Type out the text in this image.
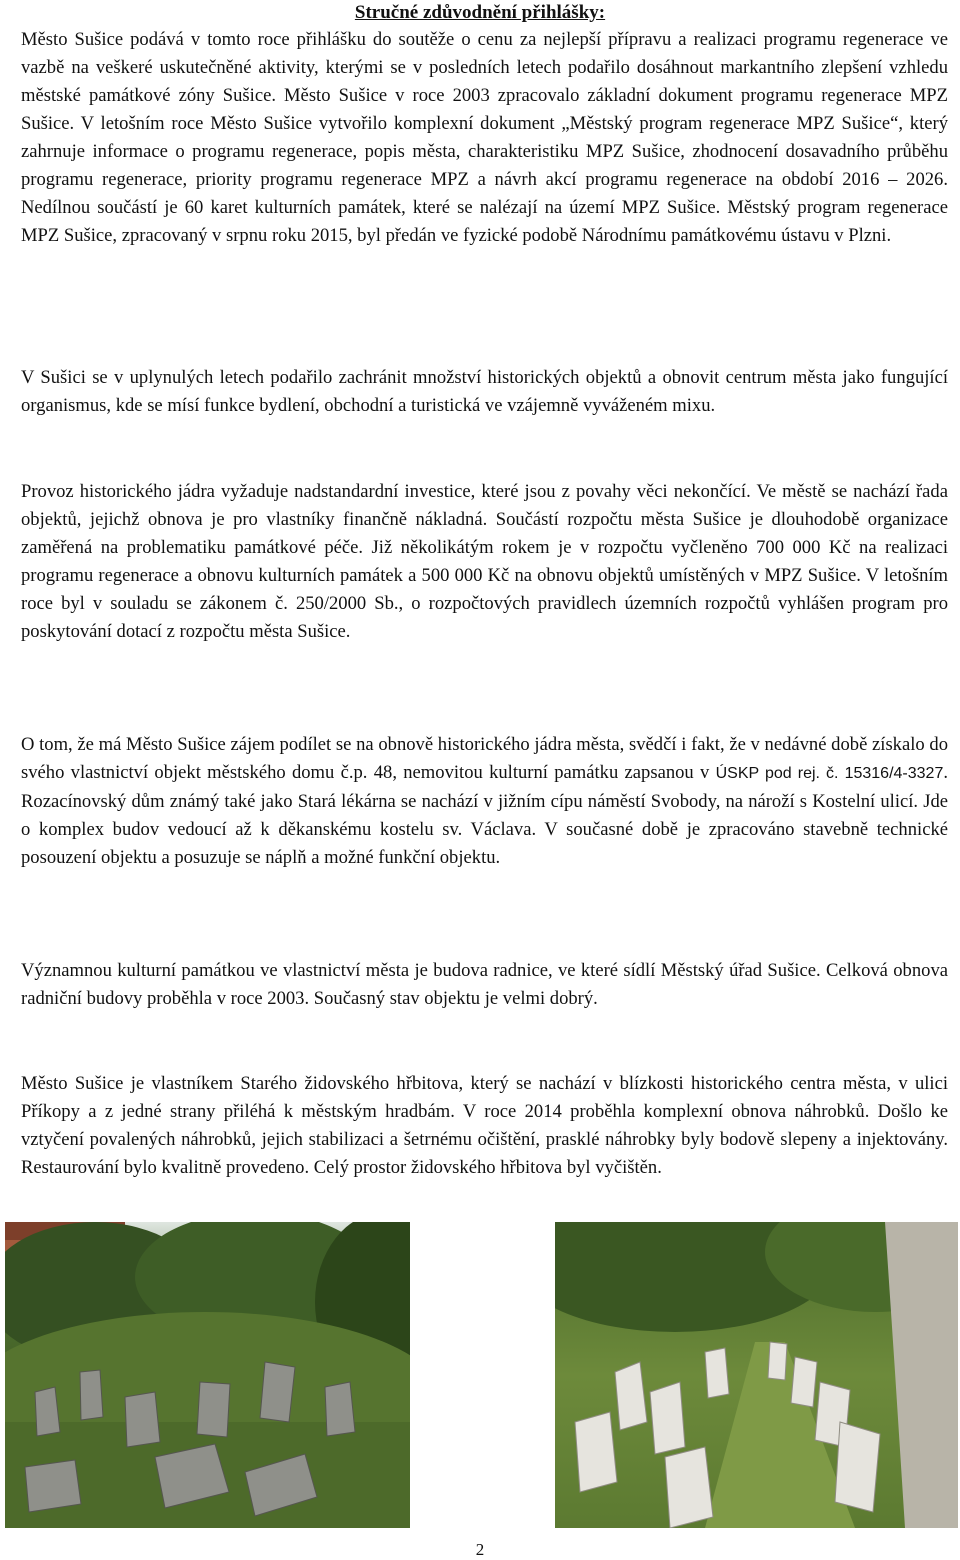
Stručné zdůvodnění přihlášky:

Město Sušice podává v tomto roce přihlášku do soutěže o cenu za nejlepší přípravu a realizaci programu regenerace ve vazbě na veškeré uskutečněné aktivity, kterými se v posledních letech podařilo dosáhnout markantního zlepšení vzhledu městské památkové zóny Sušice. Město Sušice v roce 2003 zpracovalo základní dokument programu regenerace MPZ Sušice. V letošním roce Město Sušice vytvořilo komplexní dokument „Městský program regenerace MPZ Sušice“, který zahrnuje informace o programu regenerace, popis města, charakteristiku MPZ Sušice, zhodnocení dosavadního průběhu programu regenerace, priority programu regenerace MPZ a návrh akcí programu regenerace na období 2016 – 2026. Nedílnou součástí je 60 karet kulturních památek, které se nalézají na území MPZ Sušice. Městský program regenerace MPZ Sušice, zpracovaný v srpnu roku 2015, byl předán ve fyzické podobě Národnímu památkovému ústavu v Plzni.

V Sušici se v uplynulých letech podařilo zachránit množství historických objektů a obnovit centrum města jako fungující organismus, kde se mísí funkce bydlení, obchodní a turistická ve vzájemně vyváženém mixu.

Provoz historického jádra vyžaduje nadstandardní investice, které jsou z povahy věci nekončící. Ve městě se nachází řada objektů, jejichž obnova je pro vlastníky finančně nákladná. Součástí rozpočtu města Sušice je dlouhodobě organizace zaměřená na problematiku památkové péče. Již několikátým rokem je v rozpočtu vyčleněno 700 000 Kč na realizaci programu regenerace a obnovu kulturních památek a 500 000 Kč na obnovu objektů umístěných v MPZ Sušice. V letošním roce byl v souladu se zákonem č. 250/2000 Sb., o rozpočtových pravidlech územních rozpočtů vyhlášen program pro poskytování dotací z rozpočtu města Sušice.

O tom, že má Město Sušice zájem podílet se na obnově historického jádra města, svědčí i fakt, že v nedávné době získalo do svého vlastnictví objekt městského domu č.p. 48, nemovitou kulturní památku zapsanou v ÚSKP pod rej. č. 15316/4-3327. Rozacínovský dům známý také jako Stará lékárna se nachází v jižním cípu náměstí Svobody, na nároží s Kostelní ulicí. Jde o komplex budov vedoucí až k děkanskému kostelu sv. Václava. V současné době je zpracováno stavebně technické posouzení objektu a posuzuje se náplň a možné funkční objektu.

Významnou kulturní památkou ve vlastnictví města je budova radnice, ve které sídlí Městský úřad Sušice. Celková obnova radniční budovy proběhla v roce 2003. Současný stav objektu je velmi dobrý.

Město Sušice je vlastníkem Starého židovského hřbitova, který se nachází v blízkosti historického centra města, v ulici Příkopy a z jedné strany přiléhá k městským hradbám. V roce 2014 proběhla komplexní obnova náhrobků. Došlo ke vztyčení povalených náhrobků, jejich stabilizaci a šetrnému očištění, prasklé náhrobky byly bodově slepeny a injektovány. Restaurování bylo kvalitně provedeno. Celý prostor židovského hřbitova byl vyčištěn.

2
